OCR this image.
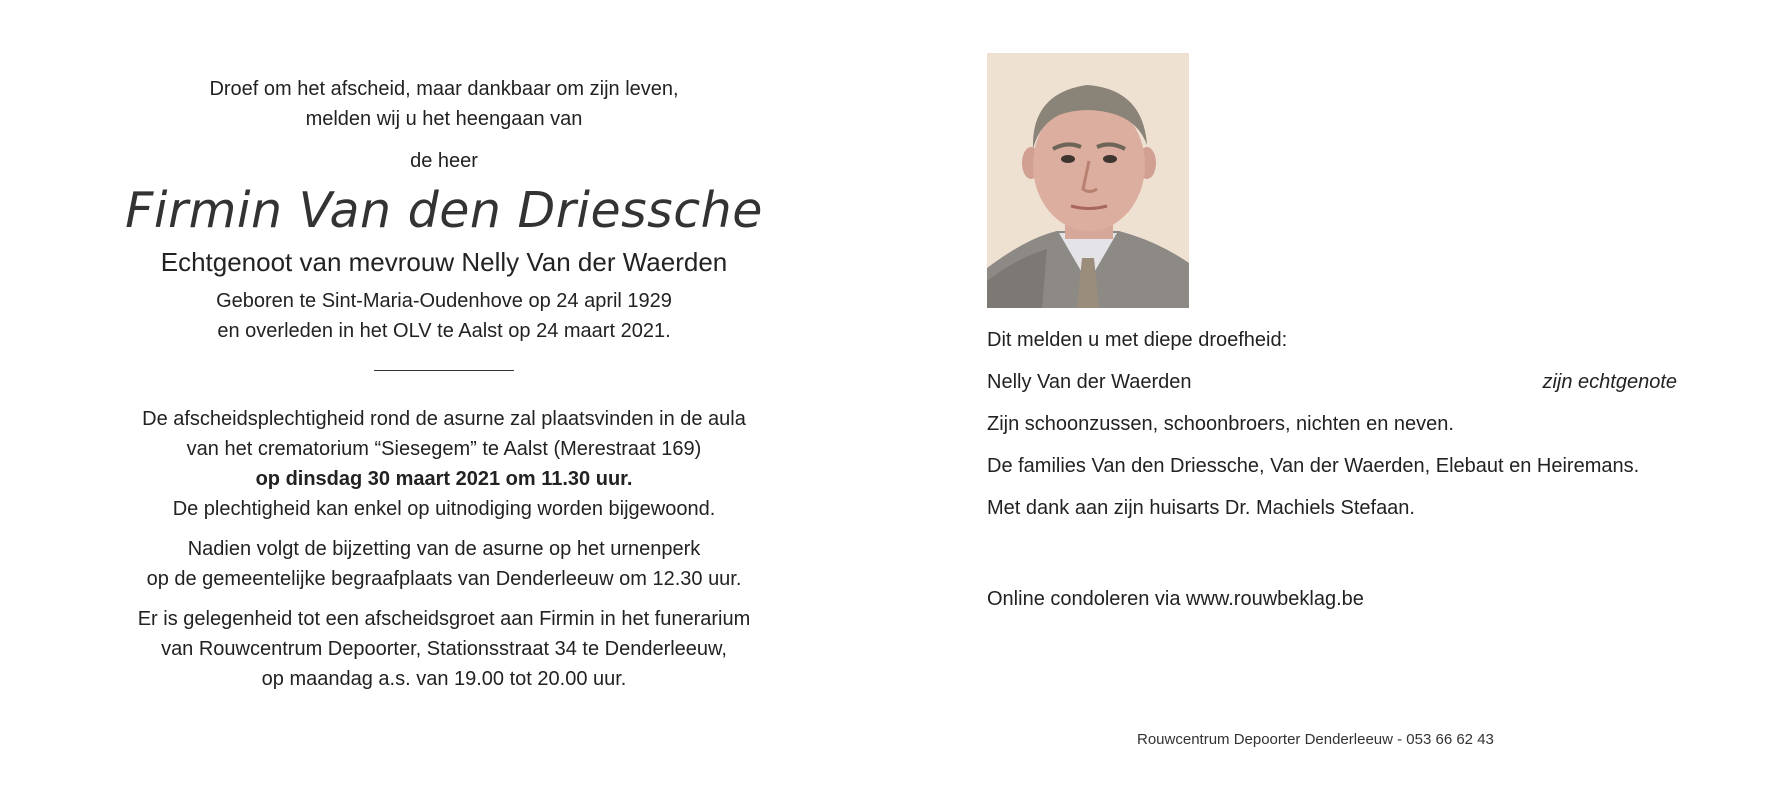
Droef om het afscheid, maar dankbaar om zijn leven,

melden wij u het heengaan van

de heer

Firmin Van den Driessche

Echtgenoot van mevrouw Nelly Van der Waerden

Geboren te Sint-Maria-Oudenhove op 24 april 1929

en overleden in het OLV te Aalst op 24 maart 2021.

De afscheidsplechtigheid rond de asurne zal plaatsvinden in de aula

van het crematorium “Siesegem” te Aalst (Merestraat 169)

op dinsdag 30 maart 2021 om 11.30 uur.

De plechtigheid kan enkel op uitnodiging worden bijgewoond.

Nadien volgt de bijzetting van de asurne op het urnenperk

op de gemeentelijke begraafplaats van Denderleeuw om 12.30 uur.

Er is gelegenheid tot een afscheidsgroet aan Firmin in het funerarium

van Rouwcentrum Depoorter, Stationsstraat 34 te Denderleeuw,

op maandag a.s. van 19.00 tot 20.00 uur.

Dit melden u met diepe droefheid:
Nelly Van der Waerden	zijn echtgenote
Zijn schoonzussen, schoonbroers, nichten en neven.
De families Van den Driessche, Van der Waerden, Elebaut en Heiremans.
Met dank aan zijn huisarts Dr. Machiels Stefaan.
Online condoleren via www.rouwbeklag.be
Rouwcentrum Depoorter Denderleeuw - 053 66 62 43
